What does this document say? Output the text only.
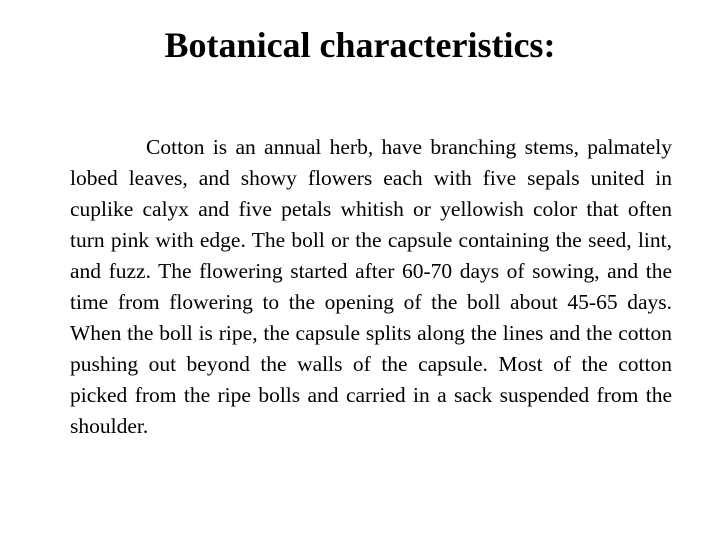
Botanical characteristics:

Cotton is an annual herb, have branching stems, palmately lobed leaves, and showy flowers each with five sepals united in cuplike calyx and five petals whitish or yellowish color that often turn pink with edge. The boll or the capsule containing the seed, lint, and fuzz. The flowering started after 60-70 days of sowing, and the time from flowering to the opening of the boll about 45-65 days. When the boll is ripe, the capsule splits along the lines and the cotton pushing out beyond the walls of the capsule. Most of the cotton picked from the ripe bolls and carried in a sack suspended from the shoulder.
